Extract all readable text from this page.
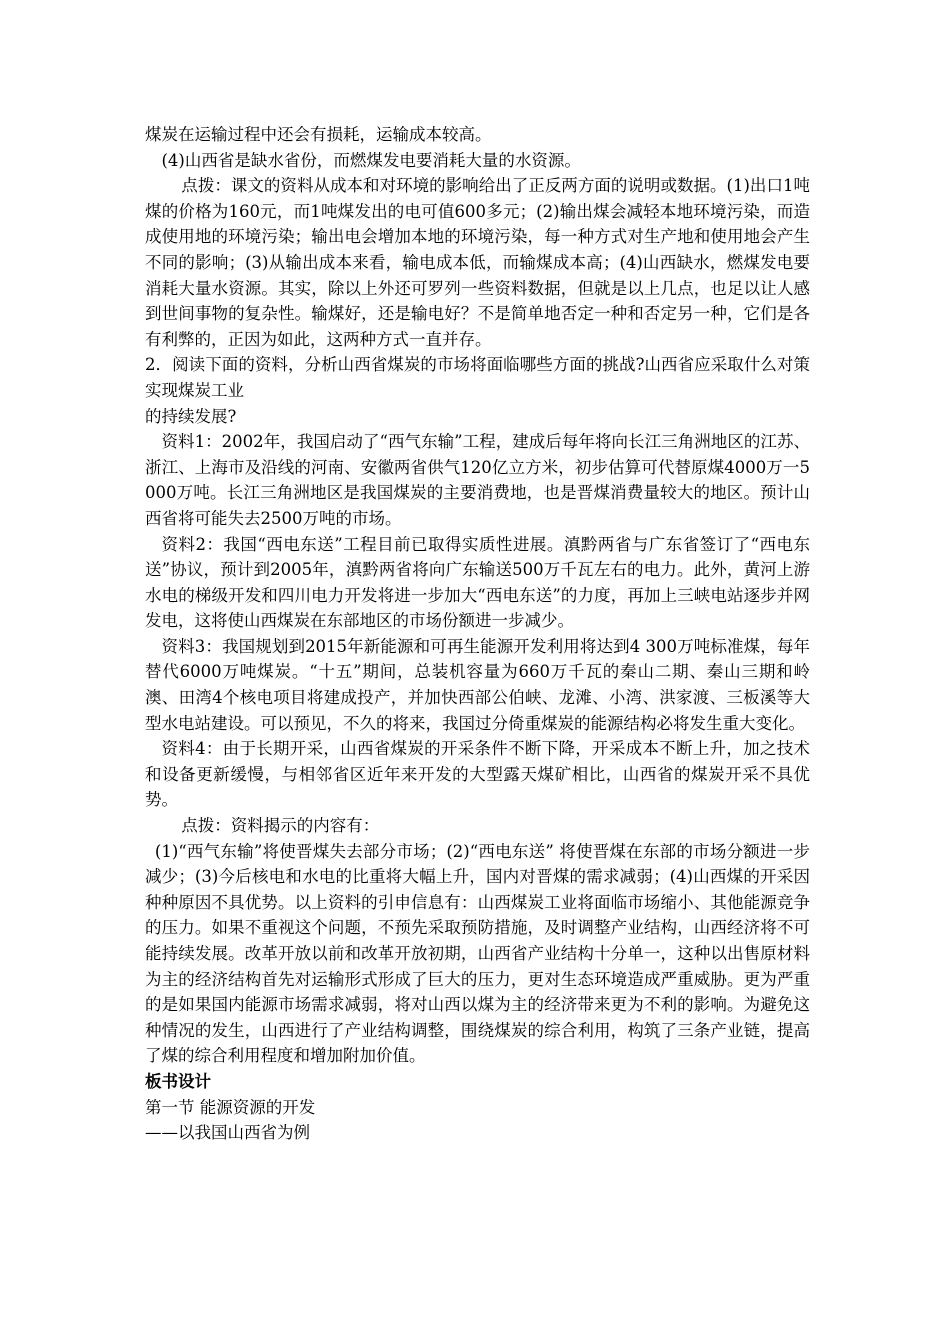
煤炭在运输过程中还会有损耗，运输成本较高。

(4)山西省是缺水省份，而燃煤发电要消耗大量的水资源。

点拨：课文的资料从成本和对环境的影响给出了正反两方面的说明或数据。(1)出口1吨煤的价格为160元，而1吨煤发出的电可值600多元；(2)输出煤会减轻本地环境污染，而造成使用地的环境污染；输出电会增加本地的环境污染，每一种方式对生产地和使用地会产生不同的影响；(3)从输出成本来看，输电成本低，而输煤成本高；(4)山西缺水，燃煤发电要消耗大量水资源。其实，除以上外还可罗列一些资料数据，但就是以上几点，也足以让人感到世间事物的复杂性。输煤好，还是输电好？不是简单地否定一种和否定另一种，它们是各有利弊的，正因为如此，这两种方式一直并存。

2．阅读下面的资料，分析山西省煤炭的市场将面临哪些方面的挑战?山西省应采取什么对策实现煤炭工业

的持续发展?

资料1：2002年，我国启动了“西气东输”工程，建成后每年将向长江三角洲地区的江苏、浙江、上海市及沿线的河南、安徽两省供气120亿立方米，初步估算可代替原煤4000万一5000万吨。长江三角洲地区是我国煤炭的主要消费地，也是晋煤消费量较大的地区。预计山西省将可能失去2500万吨的市场。

资料2：我国“西电东送”工程目前已取得实质性进展。滇黔两省与广东省签订了“西电东送”协议，预计到2005年，滇黔两省将向广东输送500万千瓦左右的电力。此外，黄河上游水电的梯级开发和四川电力开发将进一步加大“西电东送”的力度，再加上三峡电站逐步并网发电，这将使山西煤炭在东部地区的市场份额进一步减少。

资料3：我国规划到2015年新能源和可再生能源开发利用将达到4 300万吨标准煤，每年替代6000万吨煤炭。“十五”期间，总装机容量为660万千瓦的秦山二期、秦山三期和岭澳、田湾4个核电项目将建成投产，并加快西部公伯峡、龙滩、小湾、洪家渡、三板溪等大型水电站建设。可以预见，不久的将来，我国过分倚重煤炭的能源结构必将发生重大变化。

资料4：由于长期开采，山西省煤炭的开采条件不断下降，开采成本不断上升，加之技术和设备更新缓慢，与相邻省区近年来开发的大型露天煤矿相比，山西省的煤炭开采不具优势。

点拨：资料揭示的内容有：

(1)“西气东输”将使晋煤失去部分市场；(2)“西电东送” 将使晋煤在东部的市场分额进一步减少；(3)今后核电和水电的比重将大幅上升，国内对晋煤的需求减弱；(4)山西煤的开采因种种原因不具优势。以上资料的引申信息有：山西煤炭工业将面临市场缩小、其他能源竞争的压力。如果不重视这个问题，不预先采取预防措施，及时调整产业结构，山西经济将不可能持续发展。改革开放以前和改革开放初期，山西省产业结构十分单一，这种以出售原材料为主的经济结构首先对运输形式形成了巨大的压力，更对生态环境造成严重威胁。更为严重的是如果国内能源市场需求减弱，将对山西以煤为主的经济带来更为不利的影响。为避免这种情况的发生，山西进行了产业结构调整，围绕煤炭的综合利用，构筑了三条产业链，提高了煤的综合利用程度和增加附加价值。

板书设计

第一节 能源资源的开发

——以我国山西省为例
